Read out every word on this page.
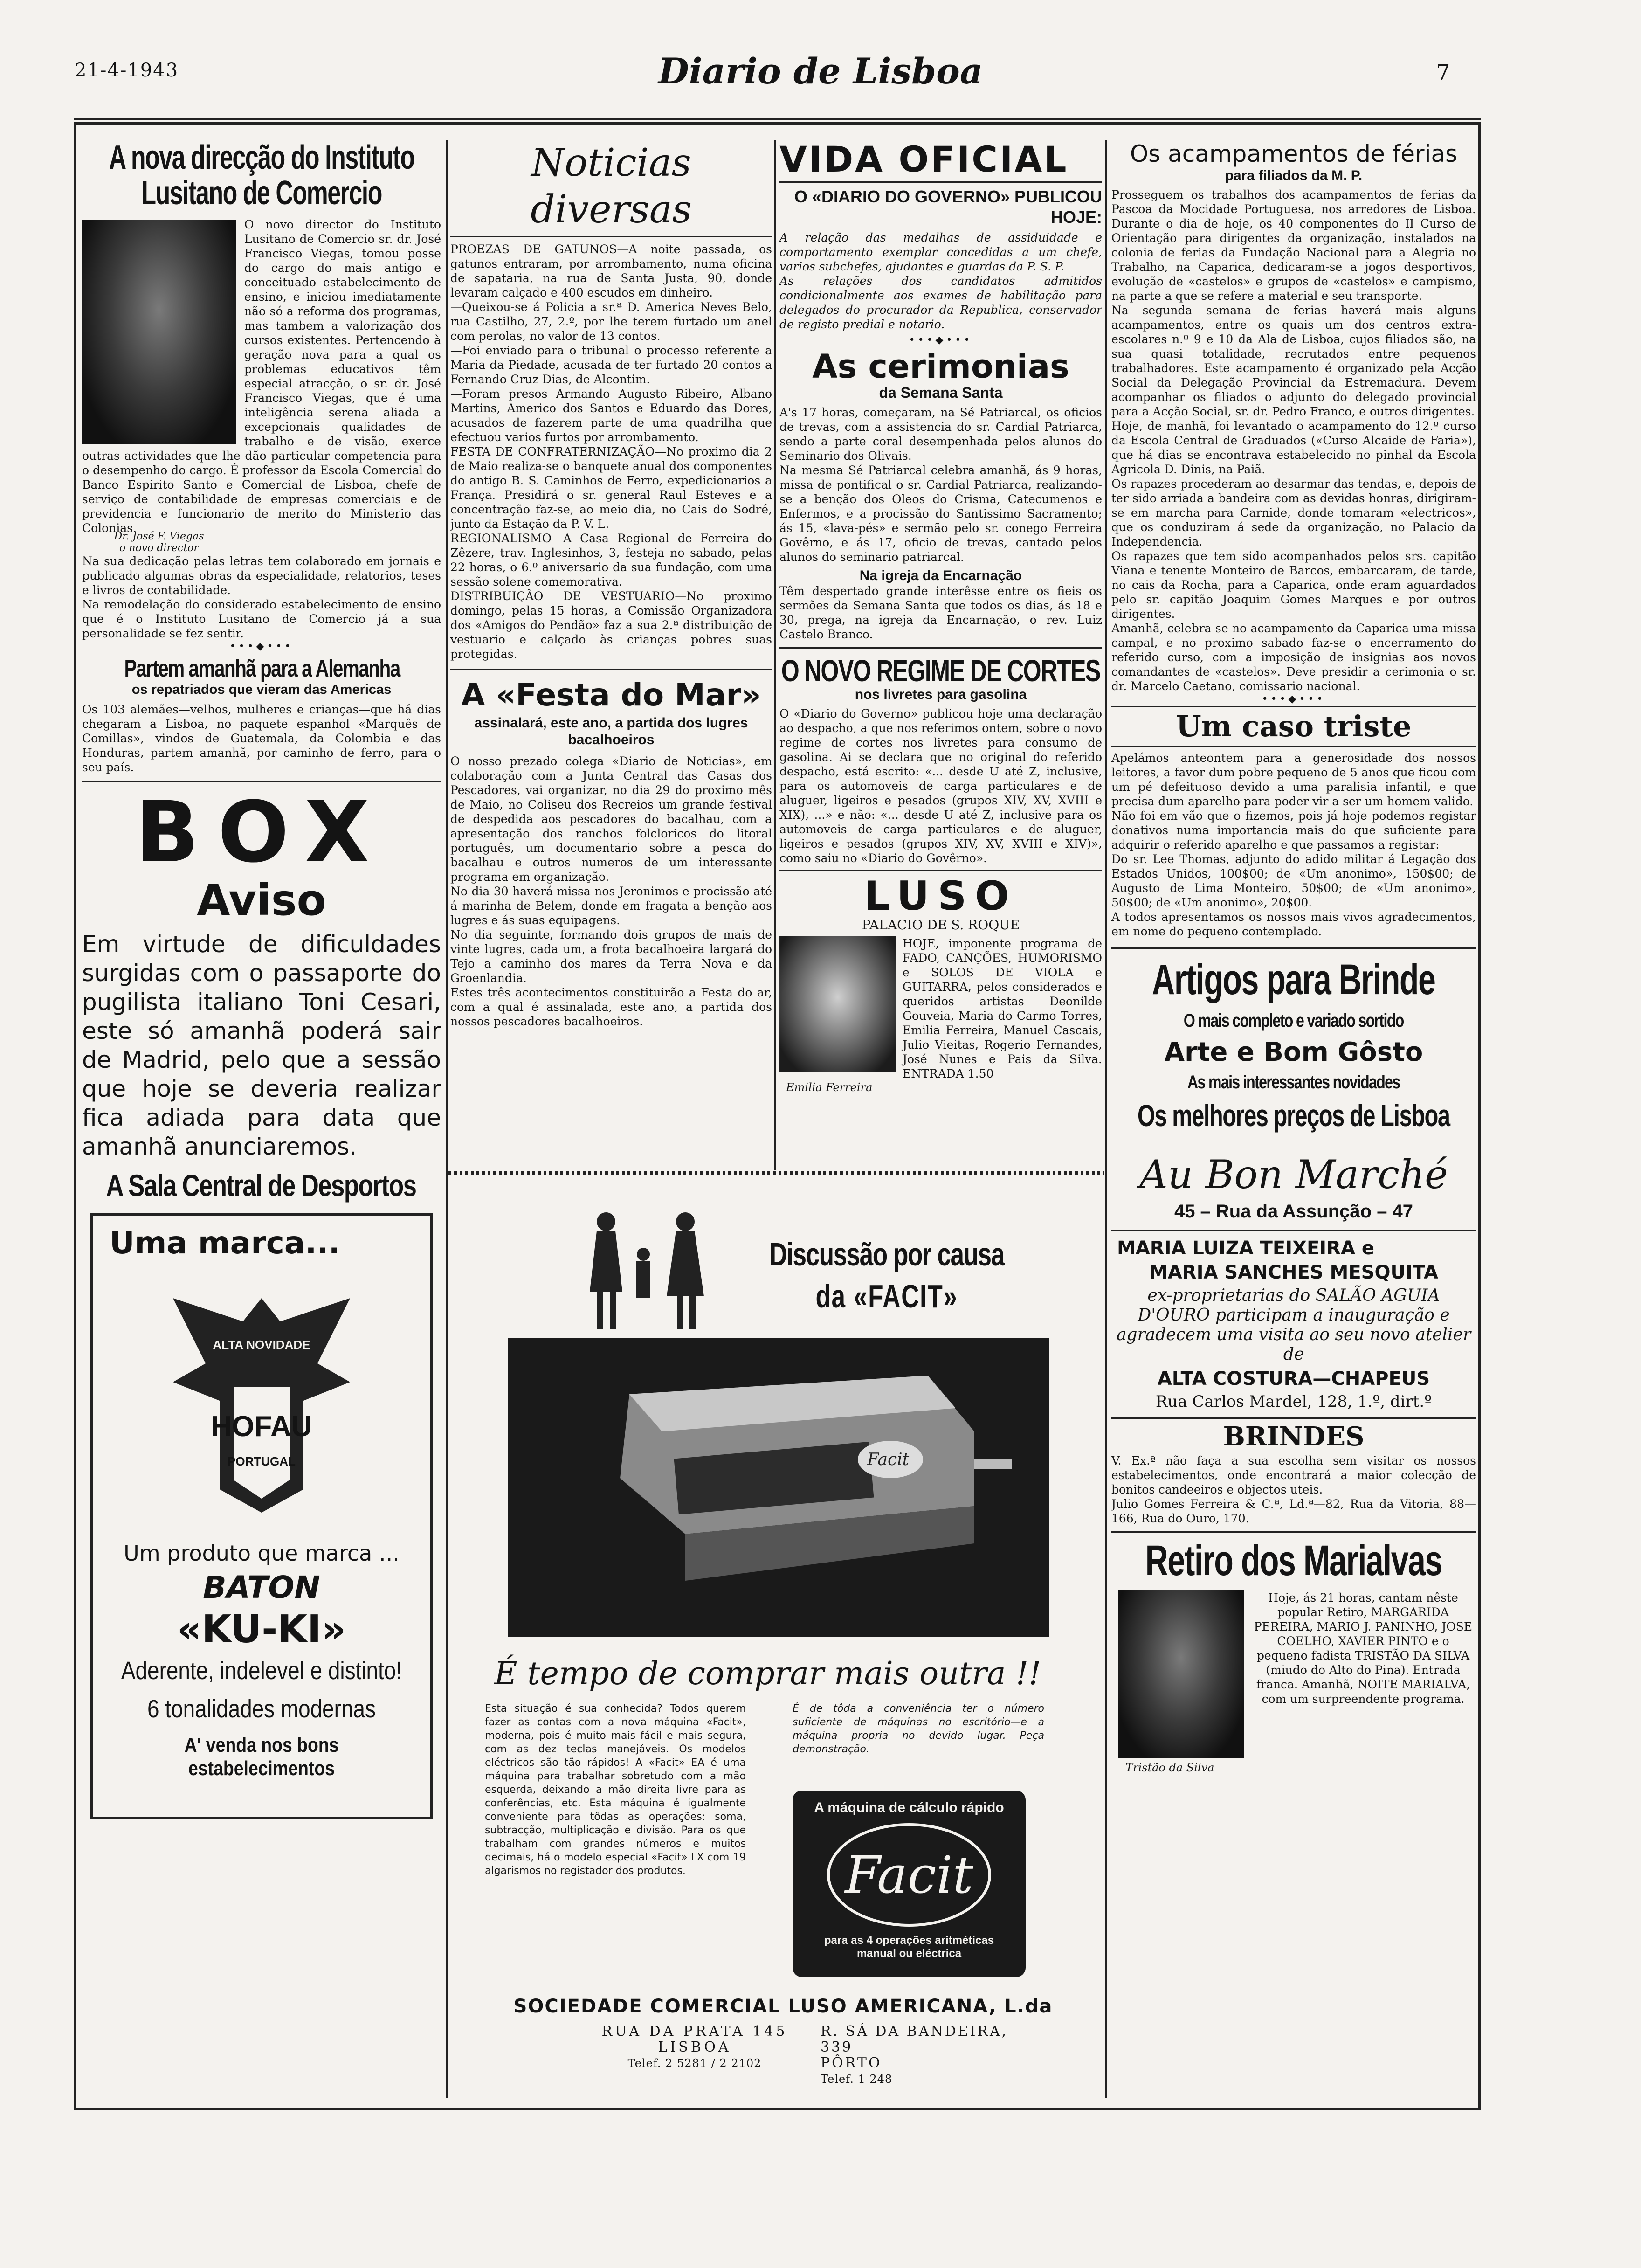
21-4-1943	Diario de Lisboa	7
A nova direcção do Instituto Lusitano de Comercio

O novo director do Instituto Lusitano de Comercio sr. dr. José Francisco Viegas, tomou posse do cargo do mais antigo e conceituado estabelecimento de ensino, e iniciou imediatamente não só a reforma dos programas, mas tambem a valorização dos cursos existentes. Pertencendo à geração nova para a qual os problemas educativos têm especial atracção, o sr. dr. José Francisco Viegas, que é uma inteligência serena aliada a excepcionais qualidades de trabalho e de visão, exerce outras actividades que lhe dão particular competencia para o desempenho do cargo. É professor da Escola Comercial do Banco Espirito Santo e Comercial de Lisboa, chefe de serviço de contabilidade de empresas comerciais e de previdencia e funcionario de merito do Ministerio das Colonias.

Dr. José F. Viegas
o novo director

Na sua dedicação pelas letras tem colaborado em jornais e publicado algumas obras da especialidade, relatorios, teses e livros de contabilidade.

Na remodelação do considerado estabelecimento de ensino que é o Instituto Lusitano de Comercio já a sua personalidade se fez sentir.

•••◆•••
Partem amanhã para a Alemanha
os repatriados que vieram das Americas

Os 103 alemães—velhos, mulheres e crianças—que há dias chegaram a Lisboa, no paquete espanhol «Marquês de Comillas», vindos de Guatemala, da Colombia e das Honduras, partem amanhã, por caminho de ferro, para o seu país.

BOX
Aviso

Em virtude de dificuldades surgidas com o passaporte do pugilista italiano Toni Cesari, este só amanhã poderá sair de Madrid, pelo que a sessão que hoje se deveria realizar fica adiada para data que amanhã anunciaremos.

A Sala Central de Desportos
Uma marca...
ALTA NOVIDADE
HOFAU
PORTUGAL
Um produto que marca ...
BATON
«KU-KI»
Aderente, indelevel e distinto!
6 tonalidades modernas
A' venda nos bons estabelecimentos
Noticias diversas

PROEZAS DE GATUNOS—A noite passada, os gatunos entraram, por arrombamento, numa oficina de sapataria, na rua de Santa Justa, 90, donde levaram calçado e 400 escudos em dinheiro.
—Queixou-se á Policia a sr.ª D. America Neves Belo, rua Castilho, 27, 2.º, por lhe terem furtado um anel com perolas, no valor de 13 contos.
—Foi enviado para o tribunal o processo referente a Maria da Piedade, acusada de ter furtado 20 contos a Fernando Cruz Dias, de Alcontim.
—Foram presos Armando Augusto Ribeiro, Albano Martins, Americo dos Santos e Eduardo das Dores, acusados de fazerem parte de uma quadrilha que efectuou varios furtos por arrombamento.
FESTA DE CONFRATERNIZAÇÃO—No proximo dia 2 de Maio realiza-se o banquete anual dos componentes do antigo B. S. Caminhos de Ferro, expedicionarios a França. Presidirá o sr. general Raul Esteves e a concentração faz-se, ao meio dia, no Cais do Sodré, junto da Estação da P. V. L.
REGIONALISMO—A Casa Regional de Ferreira do Zêzere, trav. Inglesinhos, 3, festeja no sabado, pelas 22 horas, o 6.º aniversario da sua fundação, com uma sessão solene comemorativa.
DISTRIBUIÇÃO DE VESTUARIO—No proximo domingo, pelas 15 horas, a Comissão Organizadora dos «Amigos do Pendão» faz a sua 2.ª distribuição de vestuario e calçado às crianças pobres suas protegidas.

A «Festa do Mar»
assinalará, este ano, a partida dos lugres bacalhoeiros

O nosso prezado colega «Diario de Noticias», em colaboração com a Junta Central das Casas dos Pescadores, vai organizar, no dia 29 do proximo mês de Maio, no Coliseu dos Recreios um grande festival de despedida aos pescadores do bacalhau, com a apresentação dos ranchos folcloricos do litoral português, um documentario sobre a pesca do bacalhau e outros numeros de um interessante programa em organização.
No dia 30 haverá missa nos Jeronimos e procissão até á marinha de Belem, donde em fragata a benção aos lugres e ás suas equipagens.
No dia seguinte, formando dois grupos de mais de vinte lugres, cada um, a frota bacalhoeira largará do Tejo a caminho dos mares da Terra Nova e da Groenlandia.
Estes três acontecimentos constituirão a Festa do ar, com a qual é assinalada, este ano, a partida dos nossos pescadores bacalhoeiros.

VIDA OFICIAL
O «DIARIO DO GOVERNO» PUBLICOU HOJE:

A relação das medalhas de assiduidade e comportamento exemplar concedidas a um chefe, varios subchefes, ajudantes e guardas da P. S. P.
As relações dos candidatos admitidos condicionalmente aos exames de habilitação para delegados do procurador da Republica, conservador de registo predial e notario.

•••◆•••
As cerimonias
da Semana Santa

A's 17 horas, começaram, na Sé Patriarcal, os oficios de trevas, com a assistencia do sr. Cardial Patriarca, sendo a parte coral desempenhada pelos alunos do Seminario dos Olivais.
Na mesma Sé Patriarcal celebra amanhã, ás 9 horas, missa de pontifical o sr. Cardial Patriarca, realizando-se a benção dos Oleos do Crisma, Catecumenos e Enfermos, e a procissão do Santissimo Sacramento; ás 15, «lava-pés» e sermão pelo sr. conego Ferreira Govêrno, e ás 17, oficio de trevas, cantado pelos alunos do seminario patriarcal.

Na igreja da Encarnação

Têm despertado grande interêsse entre os fieis os sermões da Semana Santa que todos os dias, ás 18 e 30, prega, na igreja da Encarnação, o rev. Luiz Castelo Branco.

O NOVO REGIME DE CORTES
nos livretes para gasolina

O «Diario do Governo» publicou hoje uma declaração ao despacho, a que nos referimos ontem, sobre o novo regime de cortes nos livretes para consumo de gasolina. Ai se declara que no original do referido despacho, está escrito: «... desde U até Z, inclusive, para os automoveis de carga particulares e de aluguer, ligeiros e pesados (grupos XIV, XV, XVIII e XIX), ...» e não: «... desde U até Z, inclusive para os automoveis de carga particulares e de aluguer, ligeiros e pesados (grupos XIV, XV, XVIII e XIV)», como saiu no «Diario do Govêrno».

LUSO
PALACIO DE S. ROQUE

HOJE, imponente programa de FADO, CANÇÕES, HUMORISMO e SOLOS DE VIOLA e GUITARRA, pelos considerados e queridos artistas Deonilde Gouveia, Maria do Carmo Torres, Emilia Ferreira, Manuel Cascais, Julio Vieitas, Rogerio Fernandes, José Nunes e Pais da Silva. ENTRADA 1.50

Emilia Ferreira
Os acampamentos de férias
para filiados da M. P.

Prosseguem os trabalhos dos acampamentos de ferias da Pascoa da Mocidade Portuguesa, nos arredores de Lisboa. Durante o dia de hoje, os 40 componentes do II Curso de Orientação para dirigentes da organização, instalados na colonia de ferias da Fundação Nacional para a Alegria no Trabalho, na Caparica, dedicaram-se a jogos desportivos, evolução de «castelos» e grupos de «castelos» e campismo, na parte a que se refere a material e seu transporte.
Na segunda semana de ferias haverá mais alguns acampamentos, entre os quais um dos centros extra-escolares n.º 9 e 10 da Ala de Lisboa, cujos filiados são, na sua quasi totalidade, recrutados entre pequenos trabalhadores. Este acampamento é organizado pela Acção Social da Delegação Provincial da Estremadura. Devem acompanhar os filiados o adjunto do delegado provincial para a Acção Social, sr. dr. Pedro Franco, e outros dirigentes.
Hoje, de manhã, foi levantado o acampamento do 12.º curso da Escola Central de Graduados («Curso Alcaide de Faria»), que há dias se encontrava estabelecido no pinhal da Escola Agricola D. Dinis, na Paiã.
Os rapazes procederam ao desarmar das tendas, e, depois de ter sido arriada a bandeira com as devidas honras, dirigiram-se em marcha para Carnide, donde tomaram «electricos», que os conduziram á sede da organização, no Palacio da Independencia.
Os rapazes que tem sido acompanhados pelos srs. capitão Viana e tenente Monteiro de Barcos, embarcaram, de tarde, no cais da Rocha, para a Caparica, onde eram aguardados pelo sr. capitão Joaquim Gomes Marques e por outros dirigentes.
Amanhã, celebra-se no acampamento da Caparica uma missa campal, e no proximo sabado faz-se o encerramento do referido curso, com a imposição de insignias aos novos comandantes de «castelos». Deve presidir a cerimonia o sr. dr. Marcelo Caetano, comissario nacional.

•••◆•••
Um caso triste

Apelámos anteontem para a generosidade dos nossos leitores, a favor dum pobre pequeno de 5 anos que ficou com um pé defeituoso devido a uma paralisia infantil, e que precisa dum aparelho para poder vir a ser um homem valido.
Não foi em vão que o fizemos, pois já hoje podemos registar donativos numa importancia mais do que suficiente para adquirir o referido aparelho e que passamos a registar:
Do sr. Lee Thomas, adjunto do adido militar á Legação dos Estados Unidos, 100$00; de «Um anonimo», 150$00; de Augusto de Lima Monteiro, 50$00; de «Um anonimo», 50$00; de «Um anonimo», 20$00.
A todos apresentamos os nossos mais vivos agradecimentos, em nome do pequeno contemplado.

Artigos para Brinde
O mais completo e variado sortido
Arte e Bom Gôsto
As mais interessantes novidades
Os melhores preços de Lisboa
Au Bon Marché
45 – Rua da Assunção – 47
MARIA LUIZA TEIXEIRA e
MARIA SANCHES MESQUITA
ex-proprietarias do SALÃO AGUIA D'OURO participam a inauguração e agradecem uma visita ao seu novo atelier de
ALTA COSTURA—CHAPEUS
Rua Carlos Mardel, 128, 1.º, dirt.º
BRINDES

V. Ex.ª não faça a sua escolha sem visitar os nossos estabelecimentos, onde encontrará a maior colecção de bonitos candeeiros e objectos uteis.
Julio Gomes Ferreira & C.ª, Ld.ª—82, Rua da Vitoria, 88—166, Rua do Ouro, 170.

Retiro dos Marialvas

Hoje, ás 21 horas, cantam nêste popular Retiro, MARGARIDA PEREIRA, MARIO J. PANINHO, JOSE COELHO, XAVIER PINTO e o pequeno fadista TRISTÃO DA SILVA (miudo do Alto do Pina). Entrada franca. Amanhã, NOITE MARIALVA, com um surpreendente programa.

Tristão da Silva
Discussão por causa
da «FACIT»
Facit
É tempo de comprar mais outra !!

Esta situação é sua conhecida? Todos querem fazer as contas com a nova máquina «Facit», moderna, pois é muito mais fácil e mais segura, com as dez teclas manejáveis. Os modelos eléctricos são tão rápidos! A «Facit» EA é uma máquina para trabalhar sobretudo com a mão esquerda, deixando a mão direita livre para as conferências, etc. Esta máquina é igualmente conveniente para tôdas as operações: soma, subtracção, multiplicação e divisão. Para os que trabalham com grandes números e muitos decimais, há o modelo especial «Facit» LX com 19 algarismos no registador dos produtos.

É de tôda a conveniência ter o número suficiente de máquinas no escritório—e a máquina propria no devido lugar. Peça demonstração.

A máquina de cálculo rápido
Facit
para as 4 operações aritméticas
manual ou eléctrica
SOCIEDADE COMERCIAL LUSO AMERICANA, L.da
RUA DA PRATA 145
LISBOA
Telef. 2 5281 / 2 2102
R. SÁ DA BANDEIRA, 339
PÔRTO
Telef. 1 248
